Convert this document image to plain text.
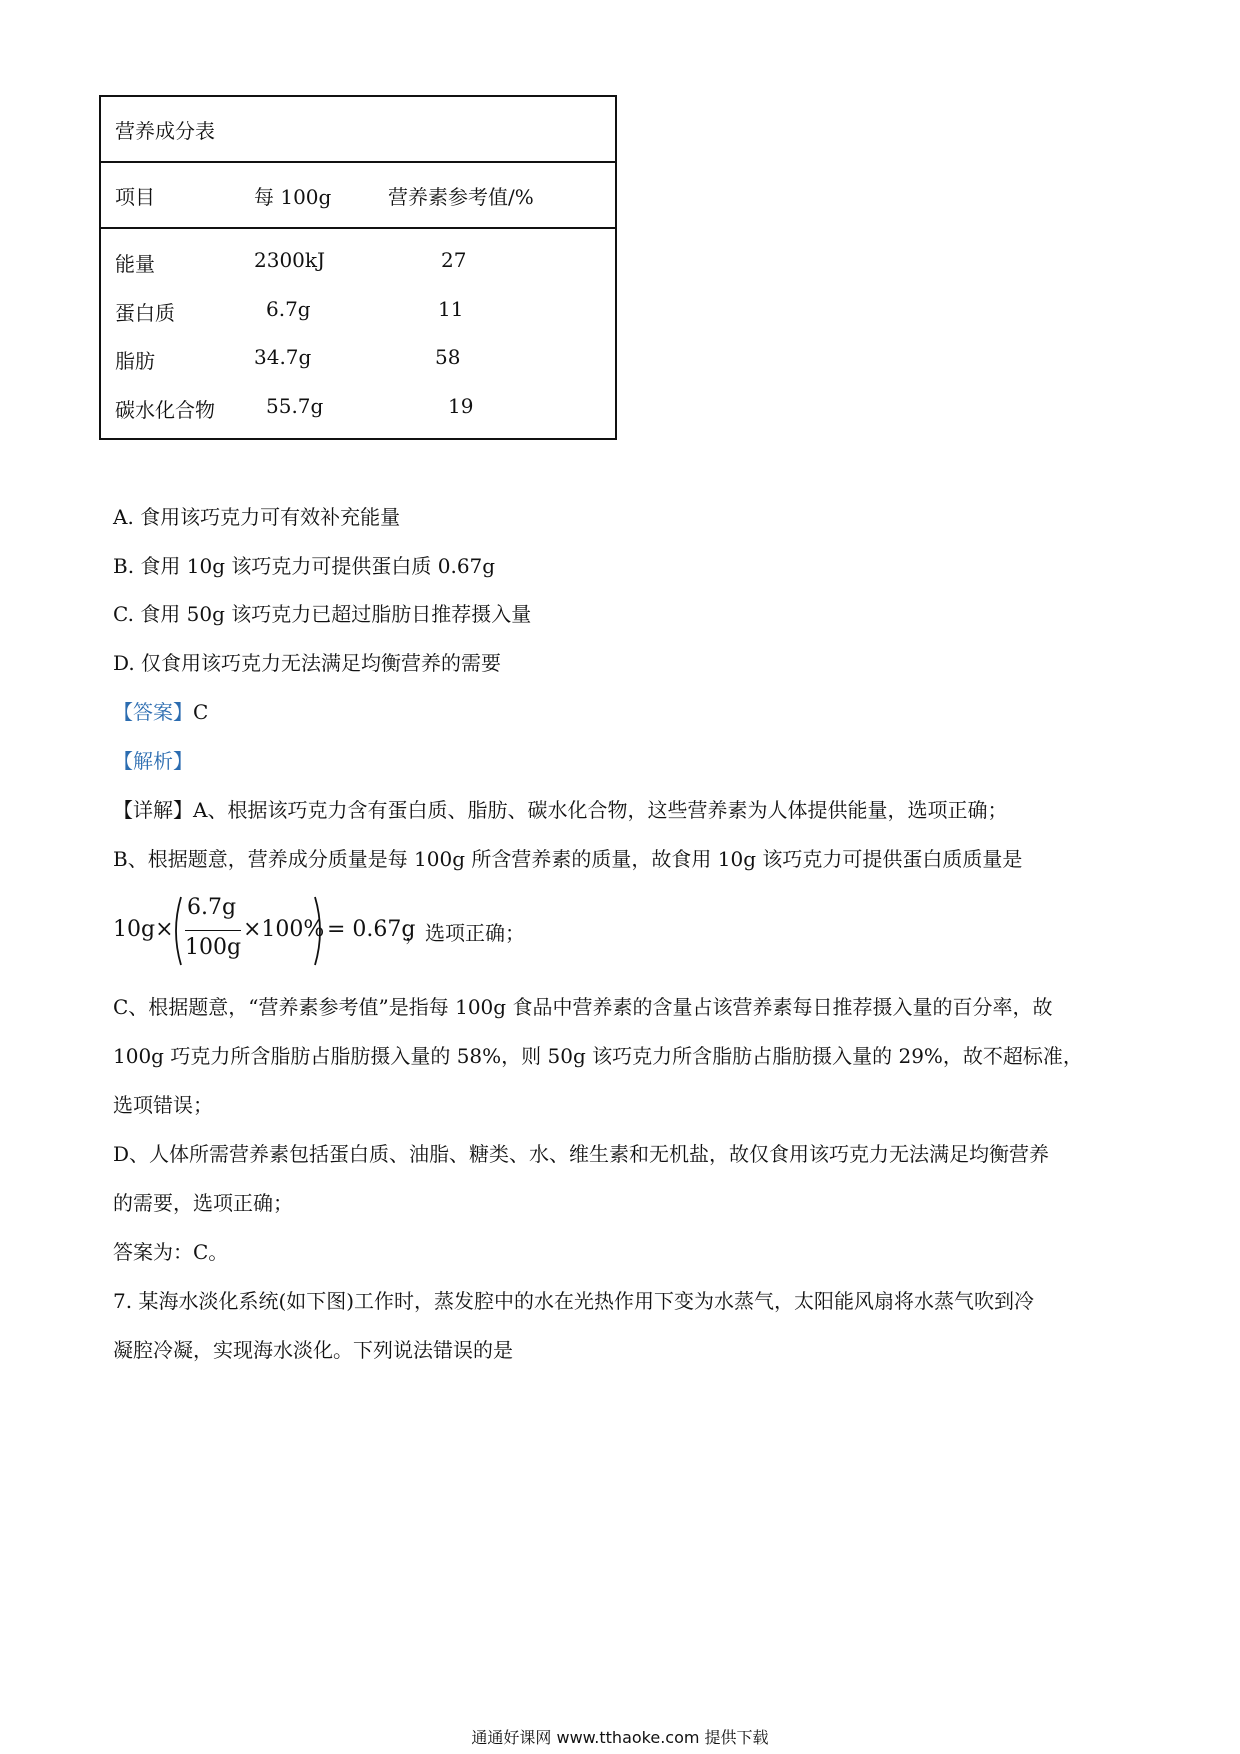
营养成分表
项目	每 100g	营养素参考值/%
能量	2300kJ	27
蛋白质	6.7g	11
脂肪	34.7g	58
碳水化合物	55.7g	19
A. 食用该巧克力可有效补充能量
B. 食用 10g 该巧克力可提供蛋白质 0.67g
C. 食用 50g 该巧克力已超过脂肪日推荐摄入量
D. 仅食用该巧克力无法满足均衡营养的需要
【答案】C
【解析】
【详解】A、根据该巧克力含有蛋白质、脂肪、碳水化合物，这些营养素为人体提供能量，选项正确；
B、根据题意，营养成分质量是每 100g 所含营养素的质量，故食用 10g 该巧克力可提供蛋白质质量是
10g×
6.7g
100g
×100% = 0.67g
，选项正确；
C、根据题意，“营养素参考值”是指每 100g 食品中营养素的含量占该营养素每日推荐摄入量的百分率，故
100g 巧克力所含脂肪占脂肪摄入量的 58%，则 50g 该巧克力所含脂肪占脂肪摄入量的 29%，故不超标准，
选项错误；
D、人体所需营养素包括蛋白质、油脂、糖类、水、维生素和无机盐，故仅食用该巧克力无法满足均衡营养
的需要，选项正确；
答案为：C。
7. 某海水淡化系统(如下图)工作时，蒸发腔中的水在光热作用下变为水蒸气，太阳能风扇将水蒸气吹到冷
凝腔冷凝，实现海水淡化。下列说法错误的是
通通好课网 www.tthaoke.com 提供下载
